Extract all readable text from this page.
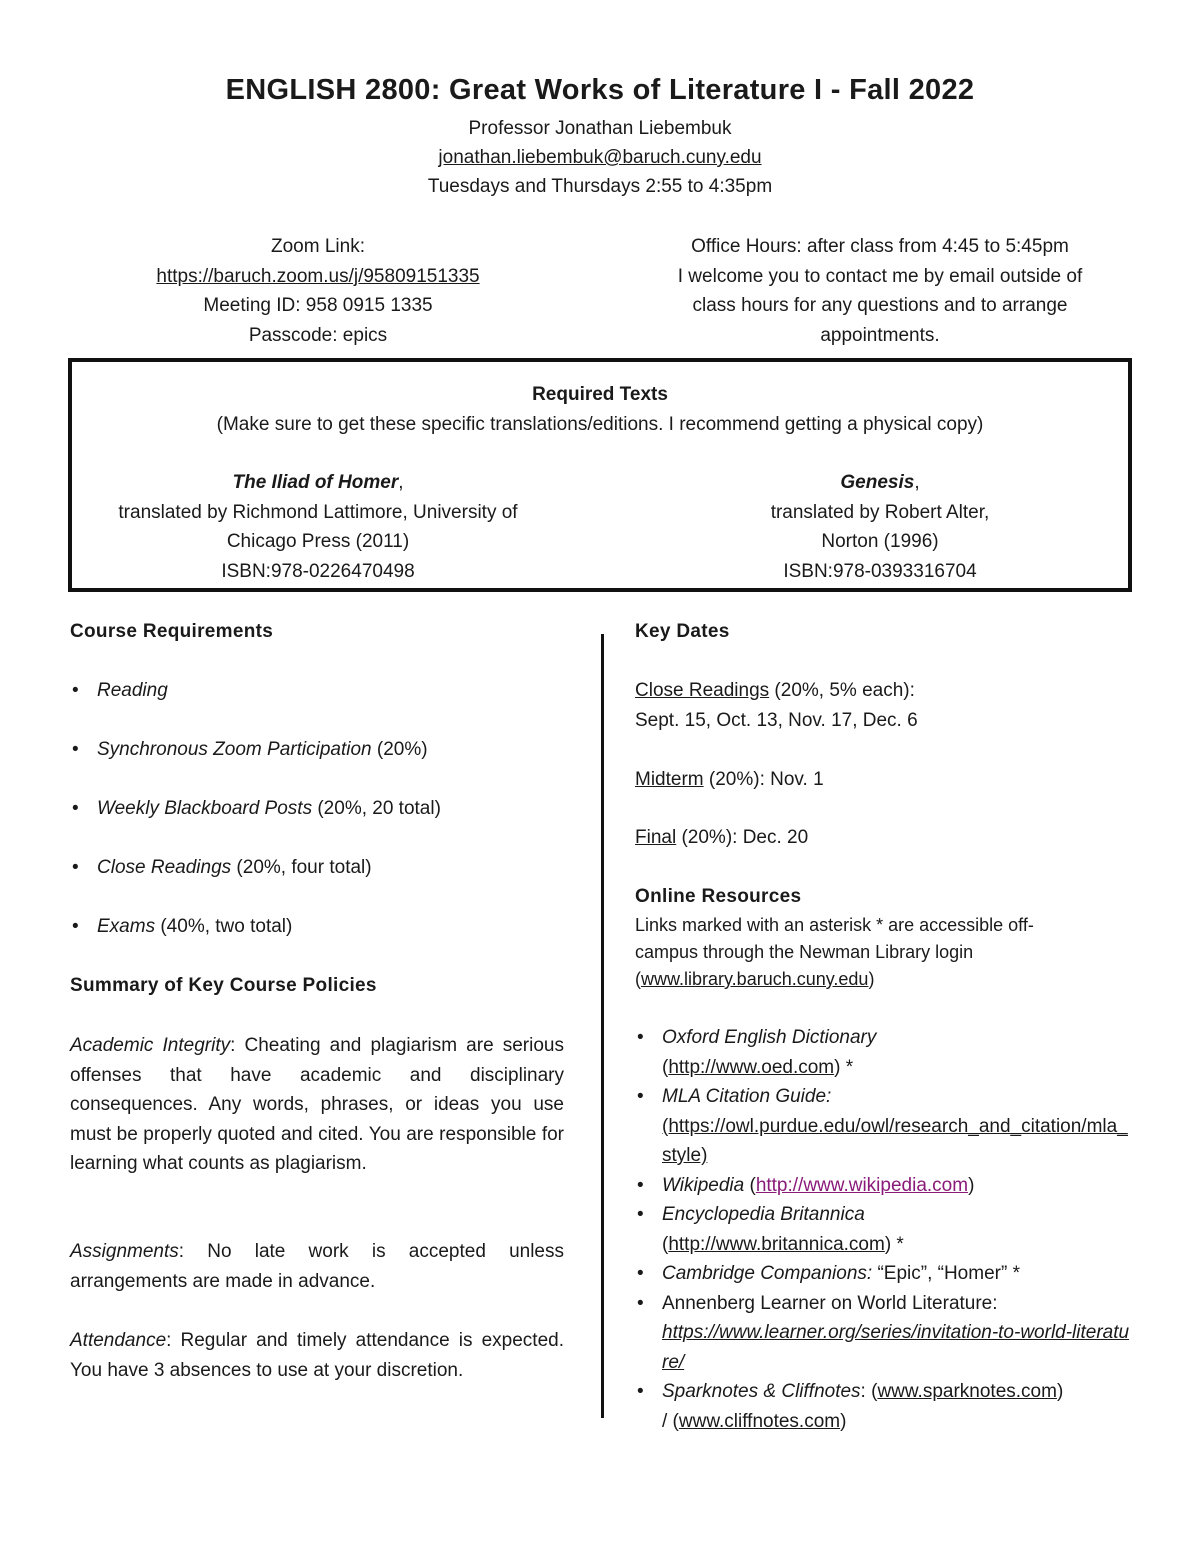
ENGLISH 2800: Great Works of Literature I - Fall 2022
Professor Jonathan Liebembuk
jonathan.liebembuk@baruch.cuny.edu
Tuesdays and Thursdays 2:55 to 4:35pm
Zoom Link:
https://baruch.zoom.us/j/95809151335
Meeting ID: 958 0915 1335
Passcode: epics
Office Hours: after class from 4:45 to 5:45pm
I welcome you to contact me by email outside of
class hours for any questions and to arrange
appointments.
Required Texts
(Make sure to get these specific translations/editions. I recommend getting a physical copy)
The Iliad of Homer,
translated by Richmond Lattimore, University of
Chicago Press (2011)
ISBN:978-0226470498
Genesis,
translated by Robert Alter,
Norton (1996)
ISBN:978-0393316704
Course Requirements
• Reading
• Synchronous Zoom Participation (20%)
• Weekly Blackboard Posts (20%, 20 total)
• Close Readings (20%, four total)
• Exams (40%, two total)
Summary of Key Course Policies
Academic Integrity: Cheating and plagiarism are serious offenses that have academic and disciplinary consequences. Any words, phrases, or ideas you use must be properly quoted and cited. You are responsible for learning what counts as plagiarism.
Assignments: No late work is accepted unless arrangements are made in advance.
Attendance: Regular and timely attendance is expected. You have 3 absences to use at your discretion.
Key Dates
Close Readings (20%, 5% each):
Sept. 15, Oct. 13, Nov. 17, Dec. 6
Midterm (20%): Nov. 1
Final (20%): Dec. 20
Online Resources
Links marked with an asterisk * are accessible off-
campus through the Newman Library login
(www.library.baruch.cuny.edu)
• Oxford English Dictionary
(http://www.oed.com) *
• MLA Citation Guide:
(https://owl.purdue.edu/owl/research_and_citation/mla_style)
• Wikipedia (http://www.wikipedia.com)
• Encyclopedia Britannica
(http://www.britannica.com) *
• Cambridge Companions: “Epic”, “Homer” *
• Annenberg Learner on World Literature:
https://www.learner.org/series/invitation-to-world-literature/
• Sparknotes & Cliffnotes: (www.sparknotes.com)
/ (www.cliffnotes.com)
